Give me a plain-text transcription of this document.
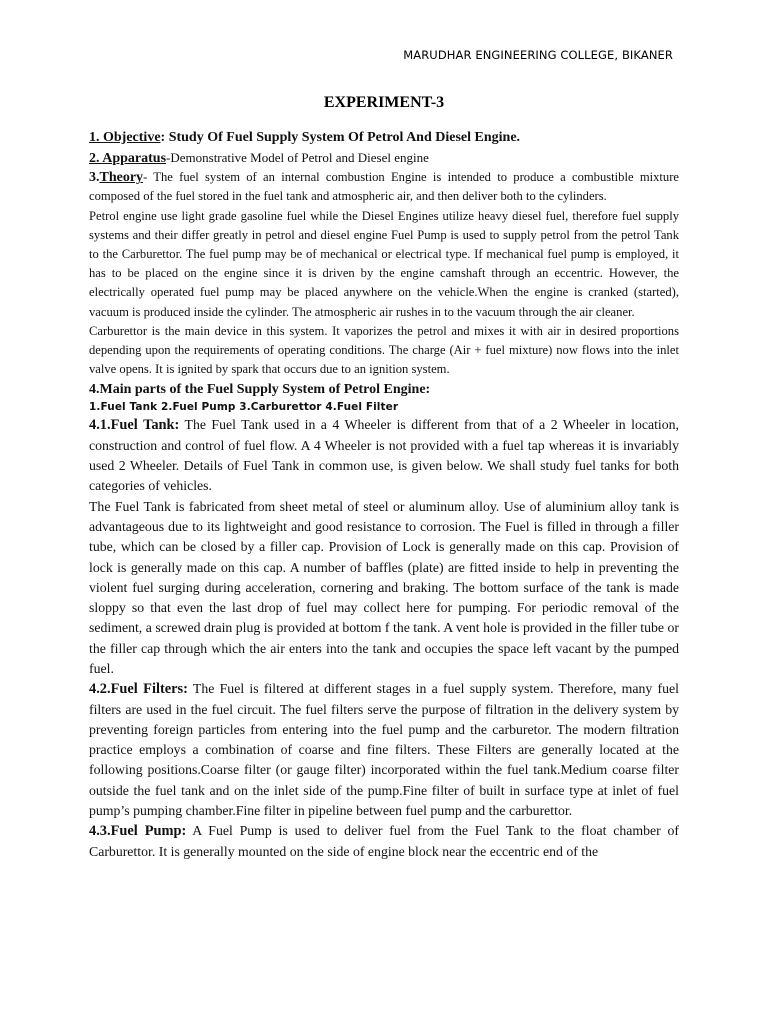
MARUDHAR ENGINEERING COLLEGE, BIKANER
EXPERIMENT-3

1. Objective: Study Of Fuel Supply System Of Petrol And Diesel Engine.

2. Apparatus-Demonstrative Model of Petrol and Diesel engine

3.Theory- The fuel system of an internal combustion Engine is intended to produce a combustible mixture composed of the fuel stored in the fuel tank and atmospheric air, and then deliver both to the cylinders.

Petrol engine use light grade gasoline fuel while the Diesel Engines utilize heavy diesel fuel, therefore fuel supply systems and their differ greatly in petrol and diesel engine Fuel Pump is used to supply petrol from the petrol Tank to the Carburettor. The fuel pump may be of mechanical or electrical type. If mechanical fuel pump is employed, it has to be placed on the engine since it is driven by the engine camshaft through an eccentric. However, the electrically operated fuel pump may be placed anywhere on the vehicle.When the engine is cranked (started), vacuum is produced inside the cylinder. The atmospheric air rushes in to the vacuum through the air cleaner.

Carburettor is the main device in this system. It vaporizes the petrol and mixes it with air in desired proportions depending upon the requirements of operating conditions. The charge (Air + fuel mixture) now flows into the inlet valve opens. It is ignited by spark that occurs due to an ignition system.

4.Main parts of the Fuel Supply System of Petrol Engine:

1.Fuel Tank 2.Fuel Pump 3.Carburettor 4.Fuel Filter

4.1.Fuel Tank: The Fuel Tank used in a 4 Wheeler is different from that of a 2 Wheeler in location, construction and control of fuel flow. A 4 Wheeler is not provided with a fuel tap whereas it is invariably used 2 Wheeler. Details of Fuel Tank in common use, is given below. We shall study fuel tanks for both categories of vehicles.

The Fuel Tank is fabricated from sheet metal of steel or aluminum alloy. Use of aluminium alloy tank is advantageous due to its lightweight and good resistance to corrosion. The Fuel is filled in through a filler tube, which can be closed by a filler cap. Provision of Lock is generally made on this cap. Provision of lock is generally made on this cap. A number of baffles (plate) are fitted inside to help in preventing the violent fuel surging during acceleration, cornering and braking. The bottom surface of the tank is made sloppy so that even the last drop of fuel may collect here for pumping. For periodic removal of the sediment, a screwed drain plug is provided at bottom f the tank. A vent hole is provided in the filler tube or the filler cap through which the air enters into the tank and occupies the space left vacant by the pumped fuel.

4.2.Fuel Filters: The Fuel is filtered at different stages in a fuel supply system. Therefore, many fuel filters are used in the fuel circuit. The fuel filters serve the purpose of filtration in the delivery system by preventing foreign particles from entering into the fuel pump and the carburetor. The modern filtration practice employs a combination of coarse and fine filters. These Filters are generally located at the following positions.Coarse filter (or gauge filter) incorporated within the fuel tank.Medium coarse filter outside the fuel tank and on the inlet side of the pump.Fine filter of built in surface type at inlet of fuel pump’s pumping chamber.Fine filter in pipeline between fuel pump and the carburettor.

4.3.Fuel Pump: A Fuel Pump is used to deliver fuel from the Fuel Tank to the float chamber of Carburettor. It is generally mounted on the side of engine block near the eccentric end of the
